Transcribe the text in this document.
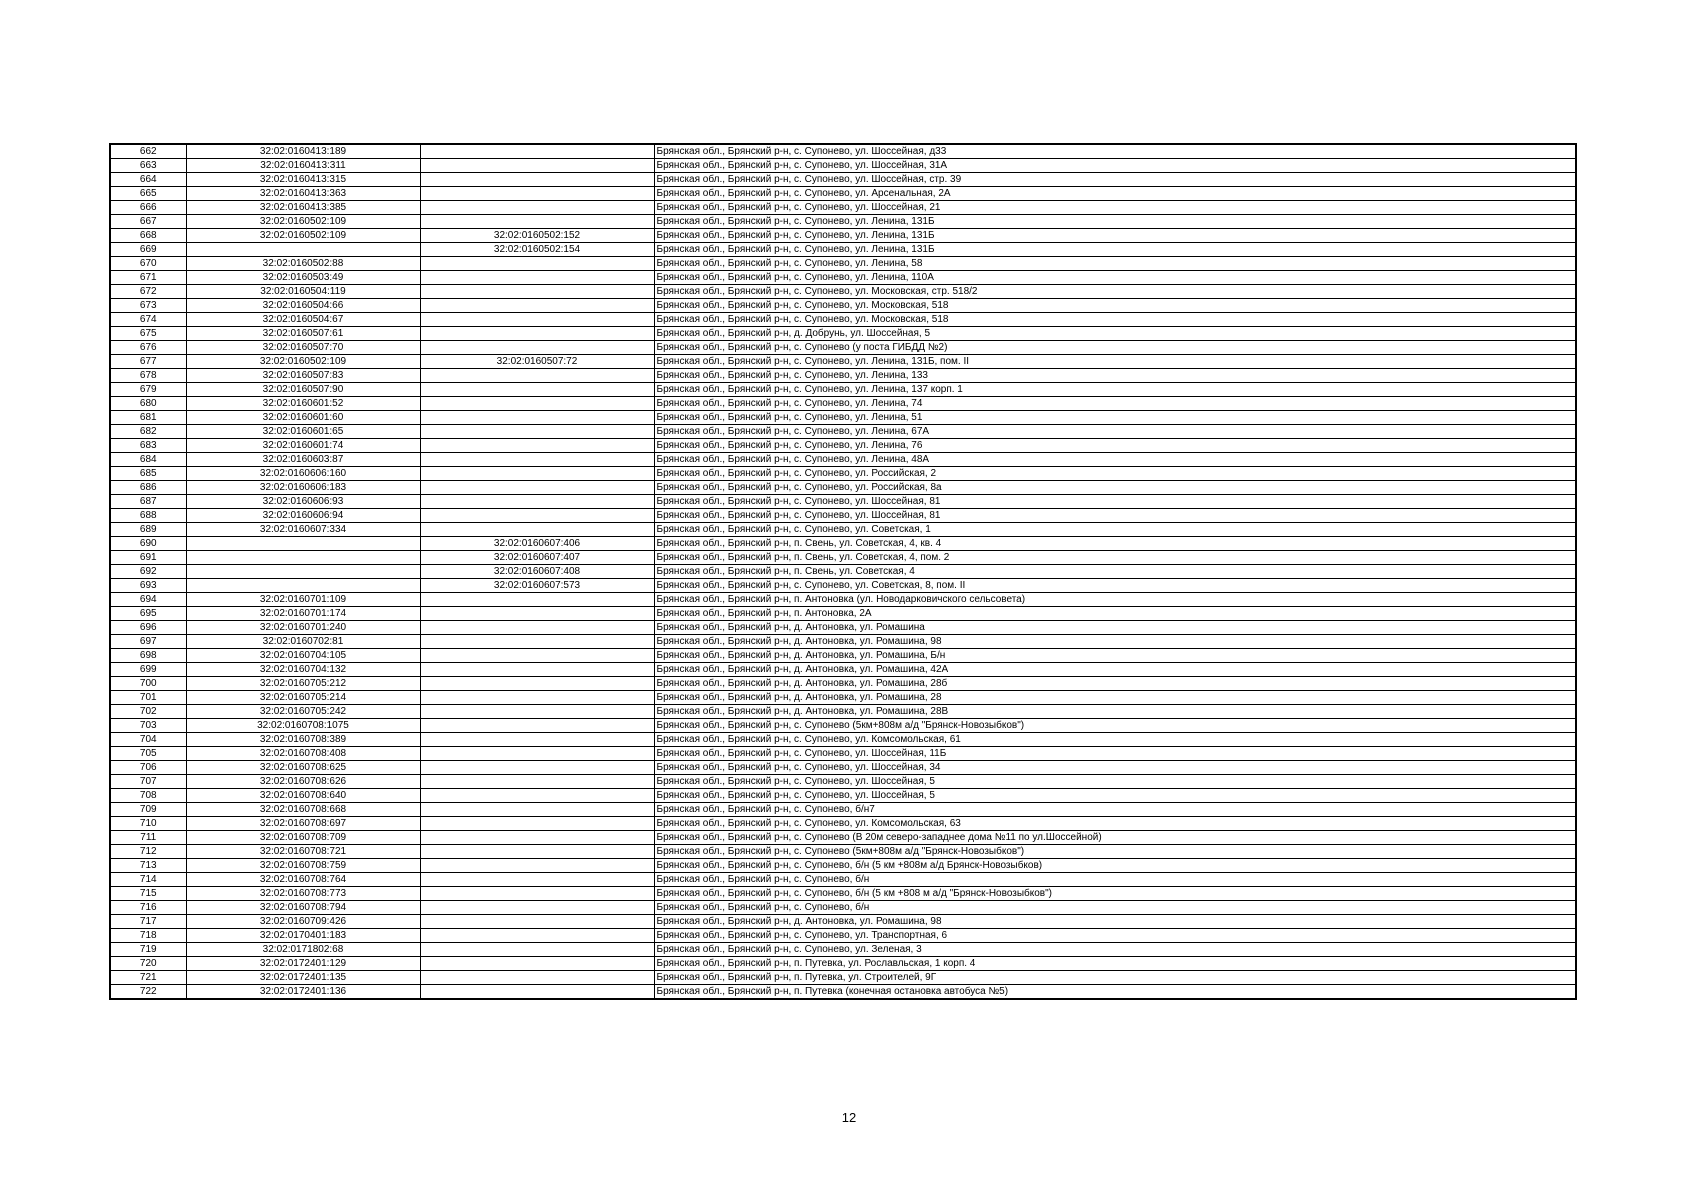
662	32:02:0160413:189		Брянская обл., Брянский р-н, с. Супонево, ул. Шоссейная, д33
663	32:02:0160413:311		Брянская обл., Брянский р-н, с. Супонево, ул. Шоссейная, 31А
664	32:02:0160413:315		Брянская обл., Брянский р-н, с. Супонево, ул. Шоссейная, стр. 39
665	32:02:0160413:363		Брянская обл., Брянский р-н, с. Супонево, ул. Арсенальная, 2А
666	32:02:0160413:385		Брянская обл., Брянский р-н, с. Супонево, ул. Шоссейная, 21
667	32:02:0160502:109		Брянская обл., Брянский р-н, с. Супонево, ул. Ленина, 131Б
668	32:02:0160502:109	32:02:0160502:152	Брянская обл., Брянский р-н, с. Супонево, ул. Ленина, 131Б
669		32:02:0160502:154	Брянская обл., Брянский р-н, с. Супонево, ул. Ленина, 131Б
670	32:02:0160502:88		Брянская обл., Брянский р-н, с. Супонево, ул. Ленина, 58
671	32:02:0160503:49		Брянская обл., Брянский р-н, с. Супонево, ул. Ленина, 110А
672	32:02:0160504:119		Брянская обл., Брянский р-н, с. Супонево, ул. Московская, стр. 518/2
673	32:02:0160504:66		Брянская обл., Брянский р-н, с. Супонево, ул. Московская, 518
674	32:02:0160504:67		Брянская обл., Брянский р-н, с. Супонево, ул. Московская, 518
675	32:02:0160507:61		Брянская обл., Брянский р-н, д. Добрунь, ул. Шоссейная, 5
676	32:02:0160507:70		Брянская обл., Брянский р-н, с. Супонево (у поста ГИБДД №2)
677	32:02:0160502:109	32:02:0160507:72	Брянская обл., Брянский р-н, с. Супонево, ул. Ленина, 131Б, пом. II
678	32:02:0160507:83		Брянская обл., Брянский р-н, с. Супонево, ул. Ленина, 133
679	32:02:0160507:90		Брянская обл., Брянский р-н, с. Супонево, ул. Ленина, 137 корп. 1
680	32:02:0160601:52		Брянская обл., Брянский р-н, с. Супонево, ул. Ленина, 74
681	32:02:0160601:60		Брянская обл., Брянский р-н, с. Супонево, ул. Ленина, 51
682	32:02:0160601:65		Брянская обл., Брянский р-н, с. Супонево, ул. Ленина, 67А
683	32:02:0160601:74		Брянская обл., Брянский р-н, с. Супонево, ул. Ленина, 76
684	32:02:0160603:87		Брянская обл., Брянский р-н, с. Супонево, ул. Ленина, 48А
685	32:02:0160606:160		Брянская обл., Брянский р-н, с. Супонево, ул. Российская, 2
686	32:02:0160606:183		Брянская обл., Брянский р-н, с. Супонево, ул. Российская, 8а
687	32:02:0160606:93		Брянская обл., Брянский р-н, с. Супонево, ул. Шоссейная, 81
688	32:02:0160606:94		Брянская обл., Брянский р-н, с. Супонево, ул. Шоссейная, 81
689	32:02:0160607:334		Брянская обл., Брянский р-н, с. Супонево, ул. Советская, 1
690		32:02:0160607:406	Брянская обл., Брянский р-н, п. Свень, ул. Советская, 4, кв. 4
691		32:02:0160607:407	Брянская обл., Брянский р-н, п. Свень, ул. Советская, 4, пом. 2
692		32:02:0160607:408	Брянская обл., Брянский р-н, п. Свень, ул. Советская, 4
693		32:02:0160607:573	Брянская обл., Брянский р-н, с. Супонево, ул. Советская, 8, пом. II
694	32:02:0160701:109		Брянская обл., Брянский р-н, п. Антоновка (ул. Новодарковичского сельсовета)
695	32:02:0160701:174		Брянская обл., Брянский р-н, п. Антоновка, 2А
696	32:02:0160701:240		Брянская обл., Брянский р-н, д. Антоновка, ул. Ромашина
697	32:02:0160702:81		Брянская обл., Брянский р-н, д. Антоновка, ул. Ромашина, 98
698	32:02:0160704:105		Брянская обл., Брянский р-н, д. Антоновка, ул. Ромашина, Б/н
699	32:02:0160704:132		Брянская обл., Брянский р-н, д. Антоновка, ул. Ромашина, 42А
700	32:02:0160705:212		Брянская обл., Брянский р-н, д. Антоновка, ул. Ромашина, 28б
701	32:02:0160705:214		Брянская обл., Брянский р-н, д. Антоновка, ул. Ромашина, 28
702	32:02:0160705:242		Брянская обл., Брянский р-н, д. Антоновка, ул. Ромашина, 28В
703	32:02:0160708:1075		Брянская обл., Брянский р-н, с. Супонево (5км+808м а/д "Брянск-Новозыбков")
704	32:02:0160708:389		Брянская обл., Брянский р-н, с. Супонево, ул. Комсомольская, 61
705	32:02:0160708:408		Брянская обл., Брянский р-н, с. Супонево, ул. Шоссейная, 11Б
706	32:02:0160708:625		Брянская обл., Брянский р-н, с. Супонево, ул. Шоссейная, 34
707	32:02:0160708:626		Брянская обл., Брянский р-н, с. Супонево, ул. Шоссейная, 5
708	32:02:0160708:640		Брянская обл., Брянский р-н, с. Супонево, ул. Шоссейная, 5
709	32:02:0160708:668		Брянская обл., Брянский р-н, с. Супонево, б/н7
710	32:02:0160708:697		Брянская обл., Брянский р-н, с. Супонево, ул. Комсомольская, 63
711	32:02:0160708:709		Брянская обл., Брянский р-н, с. Супонево (В 20м северо-западнее дома №11 по ул.Шоссейной)
712	32:02:0160708:721		Брянская обл., Брянский р-н, с. Супонево (5км+808м а/д "Брянск-Новозыбков")
713	32:02:0160708:759		Брянская обл., Брянский р-н, с. Супонево, б/н (5 км +808м а/д Брянск-Новозыбков)
714	32:02:0160708:764		Брянская обл., Брянский р-н, с. Супонево, б/н
715	32:02:0160708:773		Брянская обл., Брянский р-н, с. Супонево, б/н (5 км +808 м а/д "Брянск-Новозыбков")
716	32:02:0160708:794		Брянская обл., Брянский р-н, с. Супонево, б/н
717	32:02:0160709:426		Брянская обл., Брянский р-н, д. Антоновка, ул. Ромашина, 98
718	32:02:0170401:183		Брянская обл., Брянский р-н, с. Супонево, ул. Транспортная, 6
719	32:02:0171802:68		Брянская обл., Брянский р-н, с. Супонево, ул. Зеленая, 3
720	32:02:0172401:129		Брянская обл., Брянский р-н, п. Путевка, ул. Рославльская, 1 корп. 4
721	32:02:0172401:135		Брянская обл., Брянский р-н, п. Путевка, ул. Строителей, 9Г
722	32:02:0172401:136		Брянская обл., Брянский р-н, п. Путевка (конечная остановка автобуса №5)
12
